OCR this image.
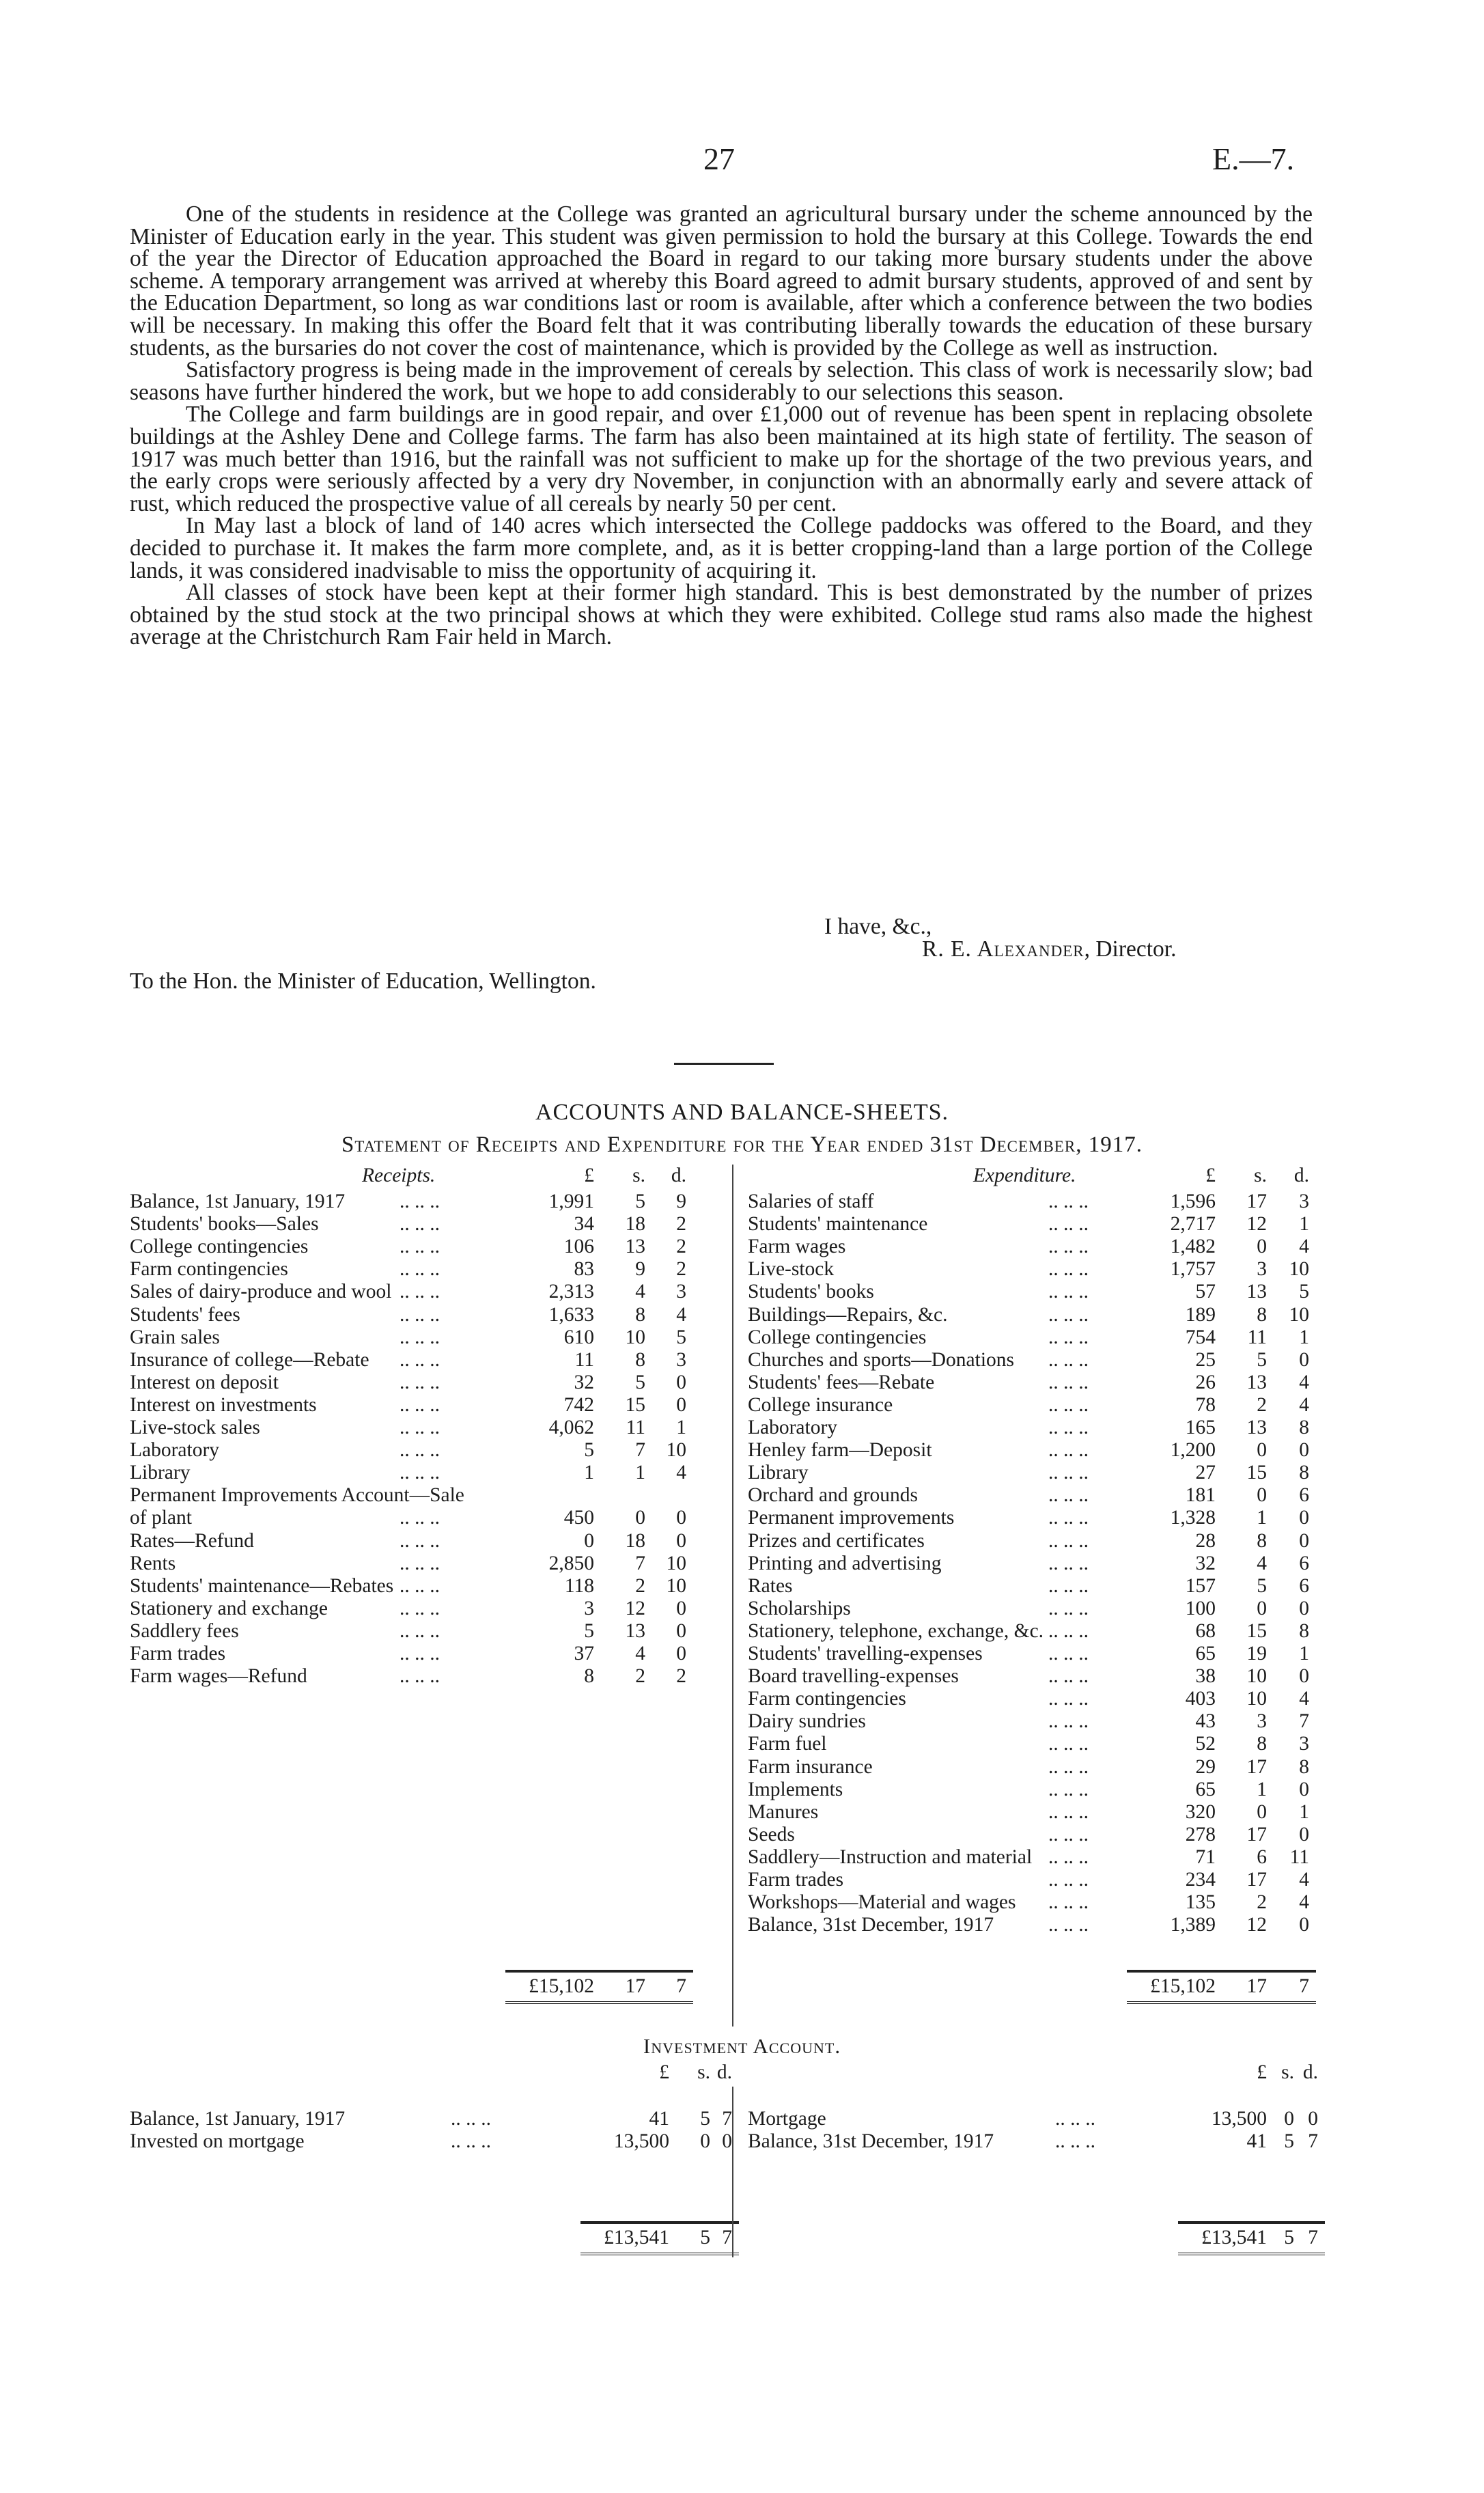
27	E.—7.

One of the students in residence at the College was granted an agricultural bursary under the scheme announced by the Minister of Education early in the year. This student was given permission to hold the bursary at this College. Towards the end of the year the Director of Education approached the Board in regard to our taking more bursary students under the above scheme. A temporary arrangement was arrived at whereby this Board agreed to admit bursary students, approved of and sent by the Education Department, so long as war conditions last or room is available, after which a conference between the two bodies will be necessary. In making this offer the Board felt that it was contributing liberally towards the education of these bursary students, as the bursaries do not cover the cost of maintenance, which is provided by the College as well as instruction.

Satisfactory progress is being made in the improvement of cereals by selection. This class of work is necessarily slow; bad seasons have further hindered the work, but we hope to add considerably to our selections this season.

The College and farm buildings are in good repair, and over £1,000 out of revenue has been spent in replacing obsolete buildings at the Ashley Dene and College farms. The farm has also been maintained at its high state of fertility. The season of 1917 was much better than 1916, but the rainfall was not sufficient to make up for the shortage of the two previous years, and the early crops were seriously affected by a very dry November, in conjunction with an abnormally early and severe attack of rust, which reduced the prospective value of all cereals by nearly 50 per cent.

In May last a block of land of 140 acres which intersected the College paddocks was offered to the Board, and they decided to purchase it. It makes the farm more complete, and, as it is better cropping-land than a large portion of the College lands, it was considered inadvisable to miss the opportunity of acquiring it.

All classes of stock have been kept at their former high standard. This is best demonstrated by the number of prizes obtained by the stud stock at the two principal shows at which they were exhibited. College stud rams also made the highest average at the Christchurch Ram Fair held in March.

I have, &c.,
R. E. Alexander, Director.
To the Hon. the Minister of Education, Wellington.
ACCOUNTS AND BALANCE-SHEETS.
Statement of Receipts and Expenditure for the Year ended 31st December, 1917.
Receipts.	£	s.	d.
Balance, 1st January, 1917	.. .. ..	1,991	5	9
Students' books—Sales	.. .. ..	34	18	2
College contingencies	.. .. ..	106	13	2
Farm contingencies	.. .. ..	83	9	2
Sales of dairy-produce and wool .. .. ..	2,313	4	3
Students' fees	.. .. ..	1,633	8	4
Grain sales	.. .. ..	610	10	5
Insurance of college—Rebate .. .. ..	11	8	3
Interest on deposit	.. .. ..	32	5	0
Interest on investments	.. .. ..	742	15	0
Live-stock sales	.. .. ..	4,062	11	1
Laboratory	.. .. ..	5	7	10
Library	.. .. ..	1	1	4
Permanent Improvements Account—Sale
of plant	.. .. ..	450	0	0
Rates—Refund	.. .. ..	0	18	0
Rents	.. .. ..	2,850	7	10
Students' maintenance—Rebates .. .. ..	118	2	10
Stationery and exchange	.. .. ..	3	12	0
Saddlery fees	.. .. ..	5	13	0
Farm trades	.. .. ..	37	4	0
Farm wages—Refund	.. .. ..	8	2	2
£15,102	17	7
Expenditure.	£	s.	d.
Salaries of staff	.. .. ..	1,596	17	3
Students' maintenance	.. .. ..	2,717	12	1
Farm wages	.. .. ..	1,482	0	4
Live-stock	.. .. ..	1,757	3	10
Students' books	.. .. ..	57	13	5
Buildings—Repairs, &c.	.. .. ..	189	8	10
College contingencies	.. .. ..	754	11	1
Churches and sports—Donations .. .. ..	25	5	0
Students' fees—Rebate	.. .. ..	26	13	4
College insurance	.. .. ..	78	2	4
Laboratory	.. .. ..	165	13	8
Henley farm—Deposit	.. .. ..	1,200	0	0
Library	.. .. ..	27	15	8
Orchard and grounds	.. .. ..	181	0	6
Permanent improvements	.. .. ..	1,328	1	0
Prizes and certificates	.. .. ..	28	8	0
Printing and advertising	.. .. ..	32	4	6
Rates	.. .. ..	157	5	6
Scholarships	.. .. ..	100	0	0
Stationery, telephone, exchange, &c. .. .. ..	68	15	8
Students' travelling-expenses	.. .. ..	65	19	1
Board travelling-expenses	.. .. ..	38	10	0
Farm contingencies	.. .. ..	403	10	4
Dairy sundries	.. .. ..	43	3	7
Farm fuel	.. .. ..	52	8	3
Farm insurance	.. .. ..	29	17	8
Implements	.. .. ..	65	1	0
Manures	.. .. ..	320	0	1
Seeds	.. .. ..	278	17	0
Saddlery—Instruction and material .. .. ..	71	6	11
Farm trades	.. .. ..	234	17	4
Workshops—Material and wages .. .. ..	135	2	4
Balance, 31st December, 1917	.. .. ..	1,389	12	0
£15,102	17	7
Investment Account.
£	s. d.
Balance, 1st January, 1917	.. .. ..	41	5 7
Invested on mortgage	.. .. ..	13,500	0 0
£13,541	5 7
£ s. d.
Mortgage	.. .. ..	13,500 0 0
Balance, 31st December, 1917	.. .. ..	41 5 7
£13,541 5 7
